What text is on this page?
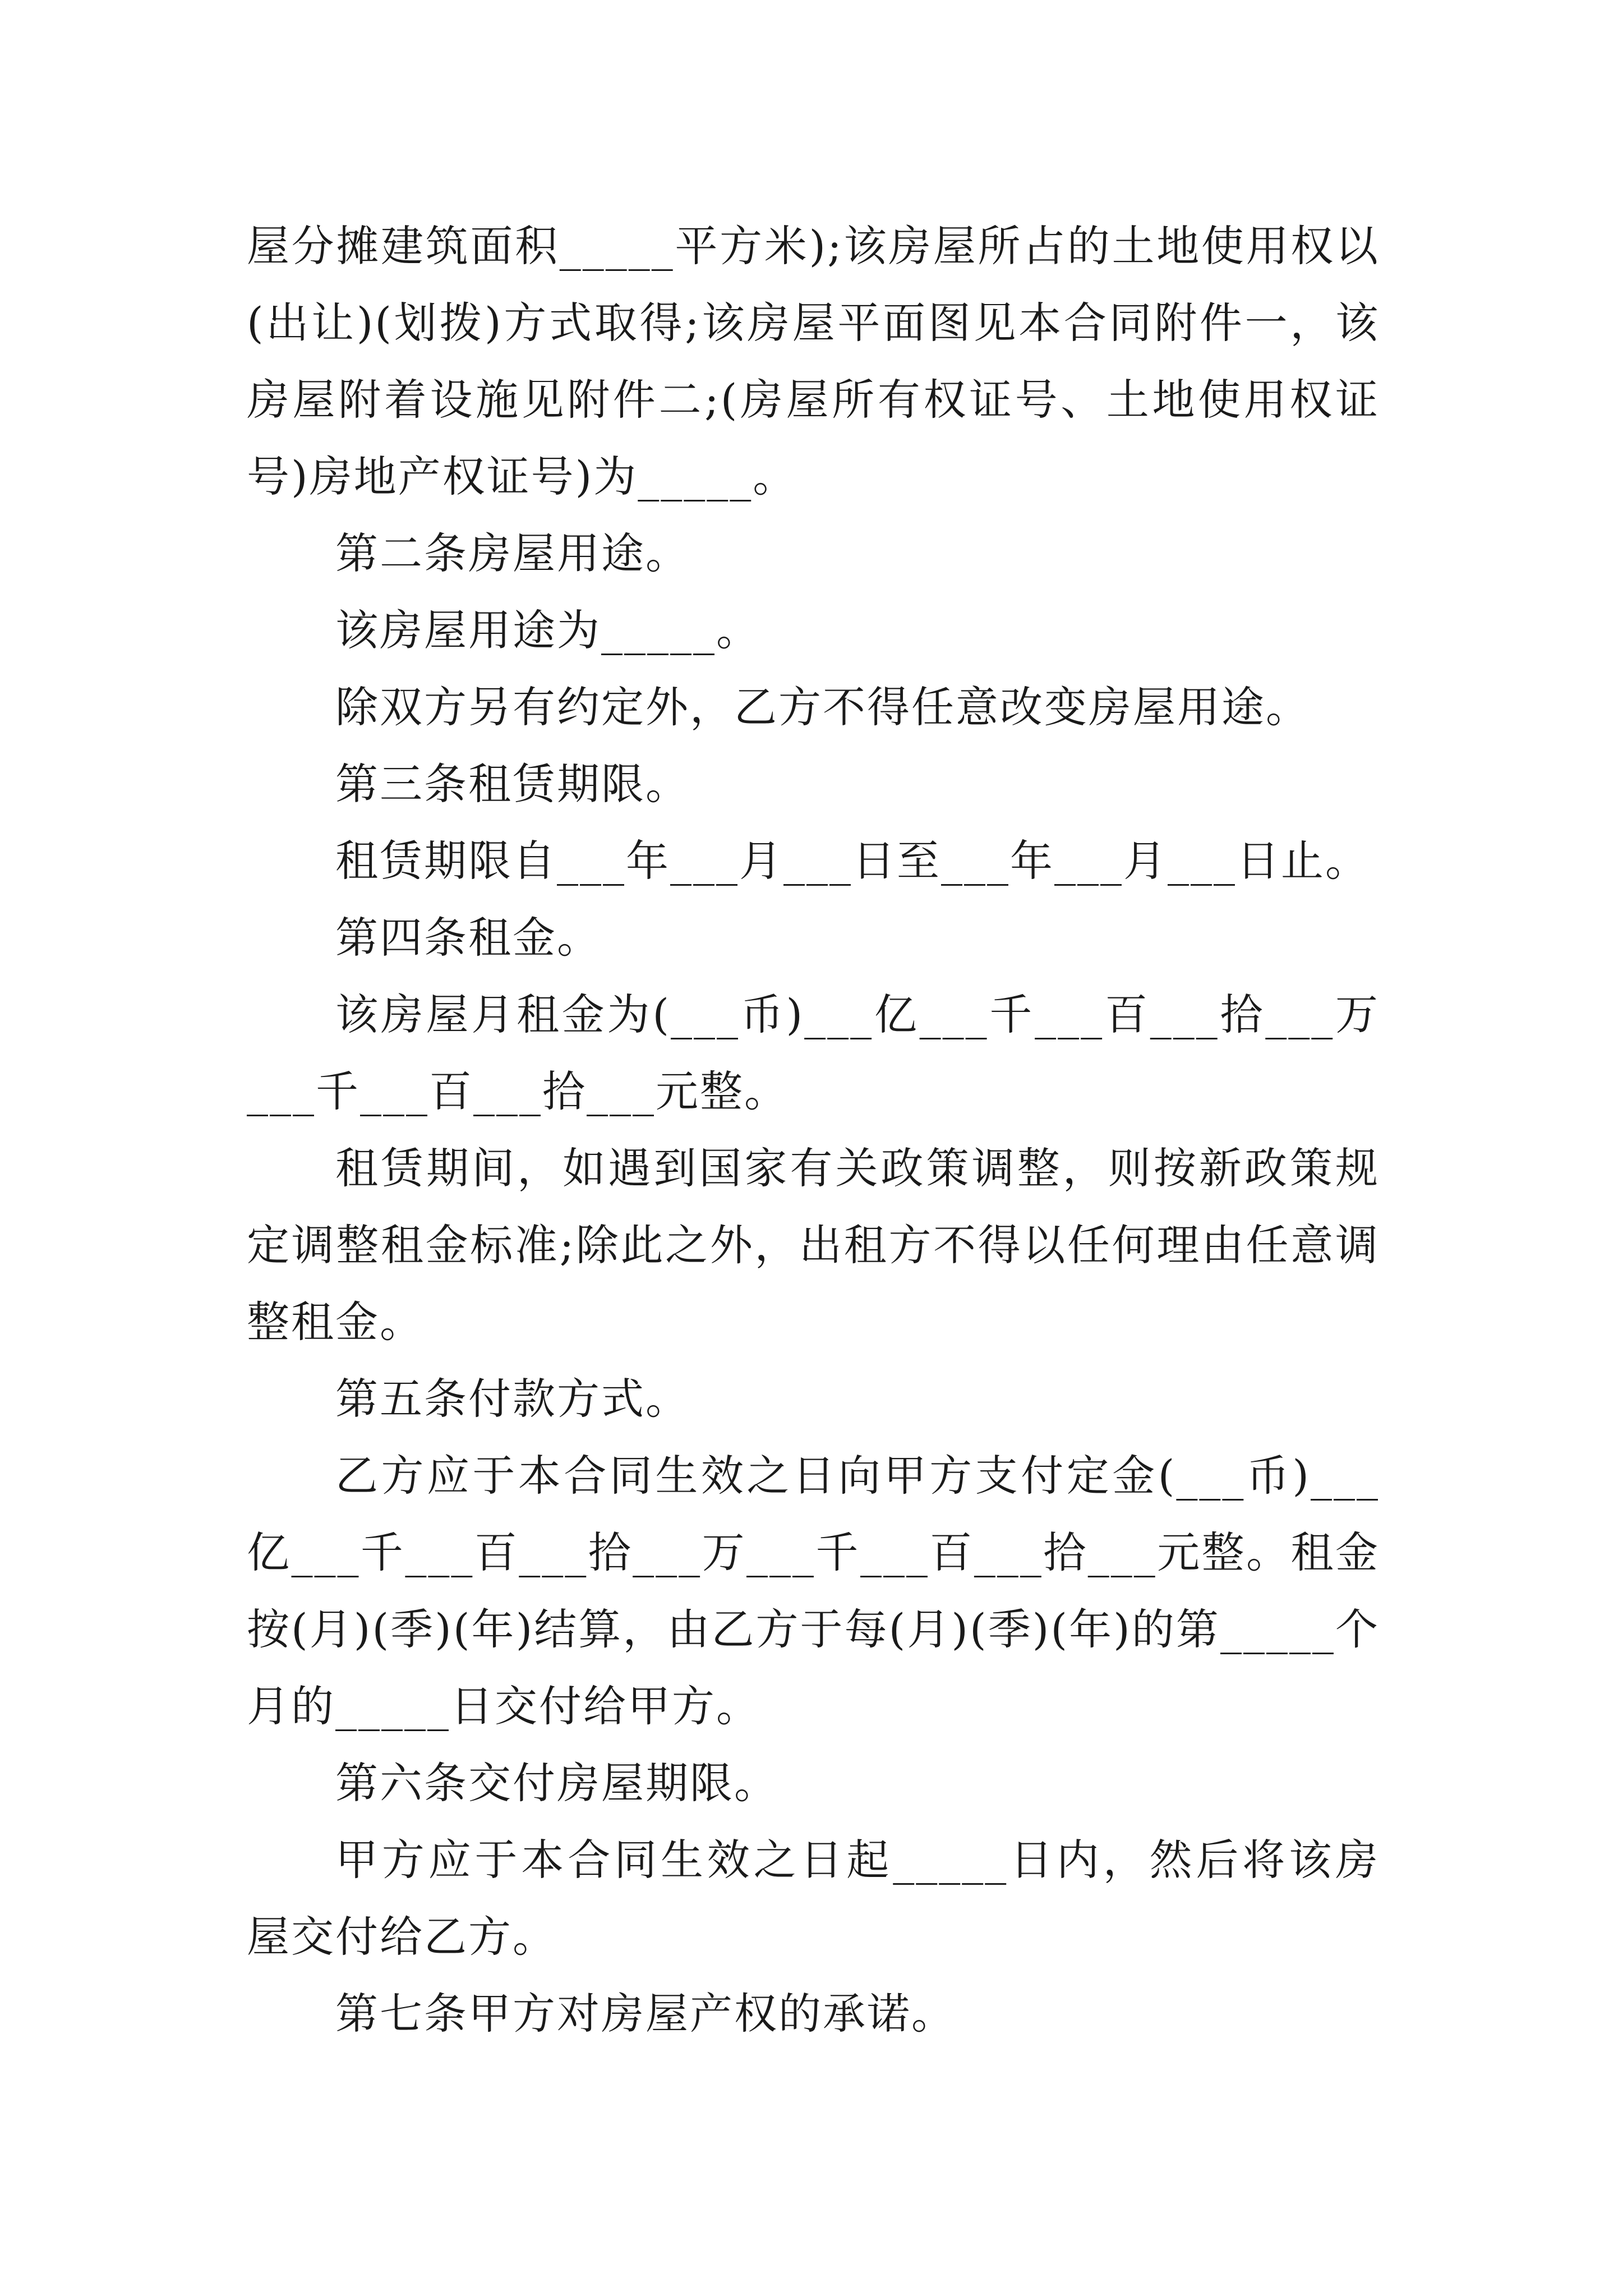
屋分摊建筑面积_____平方米);该房屋所占的土地使用权以(出让)(划拨)方式取得;该房屋平面图见本合同附件一，该房屋附着设施见附件二;(房屋所有权证号、土地使用权证号)房地产权证号)为_____。

第二条房屋用途。

该房屋用途为_____。

除双方另有约定外，乙方不得任意改变房屋用途。

第三条租赁期限。

租赁期限自___年___月___日至___年___月___日止。

第四条租金。

该房屋月租金为(___币)___亿___千___百___拾___万___千___百___拾___元整。

租赁期间，如遇到国家有关政策调整，则按新政策规定调整租金标准;除此之外，出租方不得以任何理由任意调整租金。

第五条付款方式。

乙方应于本合同生效之日向甲方支付定金(___币)___亿___千___百___拾___万___千___百___拾___元整。租金按(月)(季)(年)结算，由乙方于每(月)(季)(年)的第_____个月的_____日交付给甲方。

第六条交付房屋期限。

甲方应于本合同生效之日起_____日内，然后将该房屋交付给乙方。

第七条甲方对房屋产权的承诺。
